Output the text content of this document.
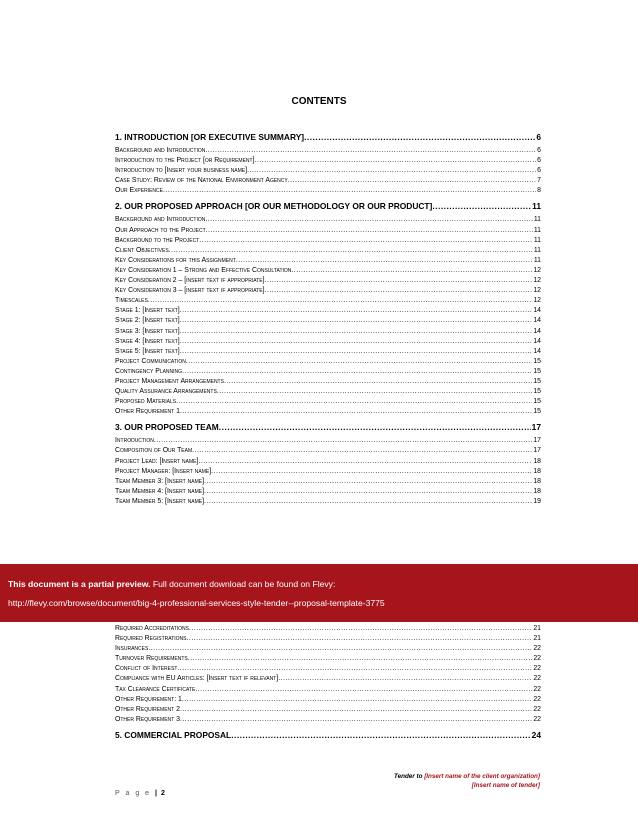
CONTENTS
1. INTRODUCTION [OR EXECUTIVE SUMMARY] .....	6
Background and Introduction .....	6
Introduction to the Project [or Requirement] .....	6
Introduction to [Insert your business name] .....	6
Case Study: Review of the National Environment Agency .....	7
Our Experience .....	8
2. OUR PROPOSED APPROACH [OR OUR METHODOLOGY OR OUR PRODUCT] .....	11
Background and Introduction .....	11
Our Approach to the Project .....	11
Background to the Project .....	11
Client Objectives .....	11
Key Considerations for this Assignment .....	11
Key Consideration 1 – Strong and Effective Consultation .....	12
Key Consideration 2 – [insert text if appropriate] .....	12
Key Consideration 3 – [insert text if appropriate] .....	12
Timescales .....	12
Stage 1: [Insert text] .....	14
Stage 2: [Insert text] .....	14
Stage 3: [Insert text] .....	14
Stage 4: [Insert text] .....	14
Stage 5: [Insert text] .....	14
Project Communication .....	15
Contingency Planning .....	15
Project Management Arrangements .....	15
Quality Assurance Arrangements .....	15
Proposed Materials .....	15
Other Requirement 1 .....	15
3. OUR PROPOSED TEAM .....	17
Introduction .....	17
Composition of Our Team .....	17
Project Lead: [Insert name] .....	18
Project Manager: [Insert name] .....	18
Team Member 3: [Insert name] .....	18
Team Member 4: [Insert name] .....	18
Team Member 5: [Insert name] .....	19
Required Accreditations .....	21
Required Registrations .....	21
Insurances .....	22
Turnover Requirements .....	22
Conflict of Interest .....	22
Compliance with EU Articles: [Insert text if relevant] .....	22
Tax Clearance Certificate .....	22
Other Requirement: 1 .....	22
Other Requirement 2 .....	22
Other Requirement 3 .....	22
5. COMMERCIAL PROPOSAL .....	24
This document is a partial preview. Full document download can be found on Flevy:
http://flevy.com/browse/document/big-4-professional-services-style-tender--proposal-template-3775
Tender to [Insert name of the client organization]
[Insert name of tender]
P a g e | 2
